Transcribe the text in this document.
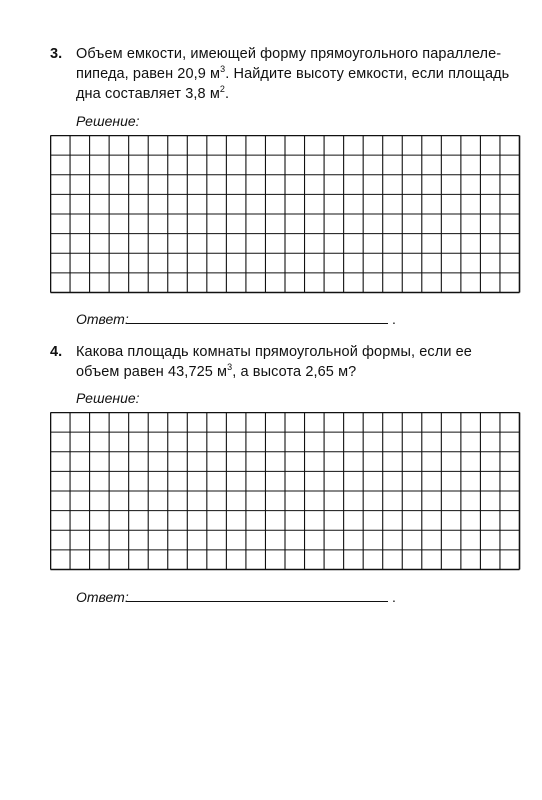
3. Объем емкости, имеющей форму прямоугольного параллеле-
пипеда, равен 20,9 $м^3$. Найдите высоту емкости, если площадь
дна составляет 3,8 $м^2$.
Решение:
Ответ:	.
4. Какова площадь комнаты прямоугольной формы, если ее
объем равен 43,725 $м^3$, а высота 2,65 м?
Решение:
Ответ:	.
